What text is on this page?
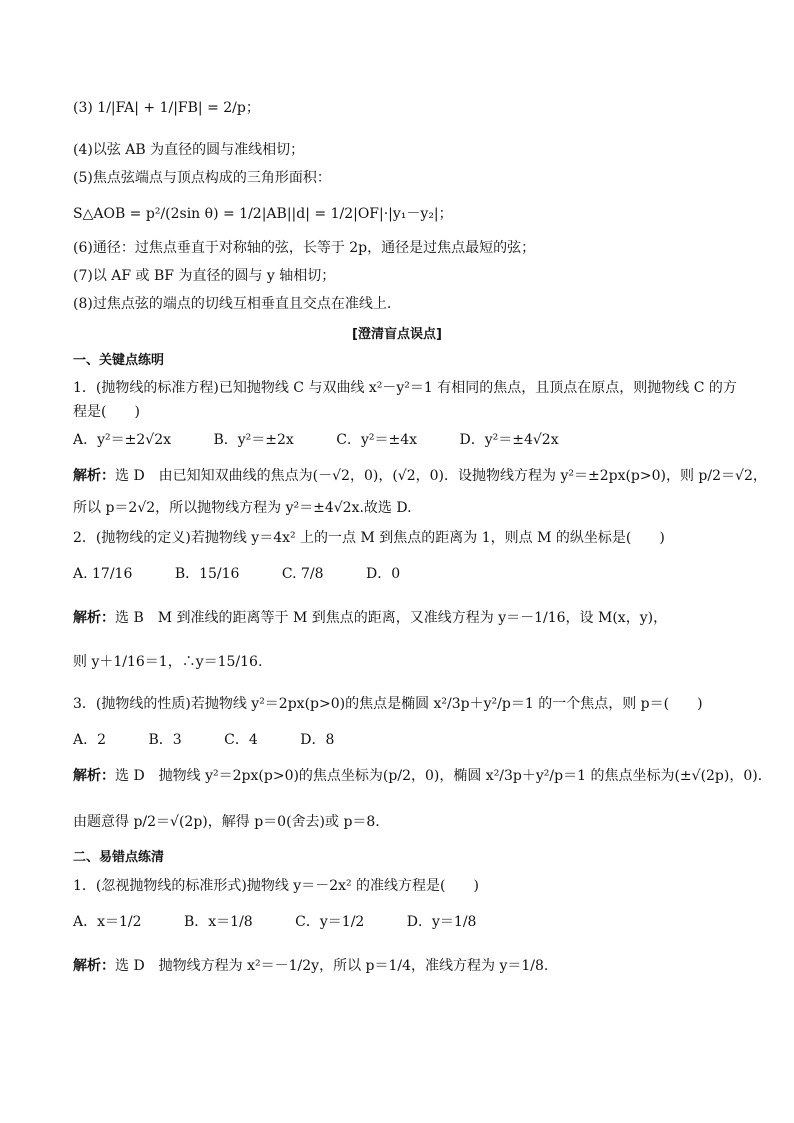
(3) 1/|FA| + 1/|FB| = 2/p；
(4)以弦 AB 为直径的圆与准线相切；
(5)焦点弦端点与顶点构成的三角形面积：
S△AOB = p²/(2sin θ) = 1/2|AB||d| = 1/2|OF|·|y₁－y₂|；
(6)通径：过焦点垂直于对称轴的弦，长等于 2p，通径是过焦点最短的弦；
(7)以 AF 或 BF 为直径的圆与 y 轴相切；
(8)过焦点弦的端点的切线互相垂直且交点在准线上.
[澄清盲点误点]
一、关键点练明
1．(抛物线的标准方程)已知抛物线 C 与双曲线 x²－y²＝1 有相同的焦点，且顶点在原点，则抛物线 C 的方
程是(　　)
A．y²＝±2√2x	B．y²＝±2x	C．y²＝±4x	D．y²＝±4√2x
解析：选 D　由已知知双曲线的焦点为(－√2，0)，(√2，0)．设抛物线方程为 y²＝±2px(p>0)，则 p/2＝√2，
所以 p＝2√2，所以抛物线方程为 y²＝±4√2x.故选 D.
2．(抛物线的定义)若抛物线 y＝4x² 上的一点 M 到焦点的距离为 1，则点 M 的纵坐标是(　　)
A. 17/16	B．15/16	C. 7/8	D．0
解析：选 B　M 到准线的距离等于 M 到焦点的距离，又准线方程为 y＝－1/16，设 M(x，y)，
则 y＋1/16＝1，∴y＝15/16.
3．(抛物线的性质)若抛物线 y²＝2px(p>0)的焦点是椭圆 x²/3p＋y²/p＝1 的一个焦点，则 p＝(　　)
A．2	B．3	C．4	D．8
解析：选 D　抛物线 y²＝2px(p>0)的焦点坐标为(p/2，0)，椭圆 x²/3p＋y²/p＝1 的焦点坐标为(±√(2p)，0)．
由题意得 p/2＝√(2p)，解得 p＝0(舍去)或 p＝8.
二、易错点练清
1．(忽视抛物线的标准形式)抛物线 y＝－2x² 的准线方程是(　　)
A．x＝1/2	B．x＝1/8	C．y＝1/2	D．y＝1/8
解析：选 D　抛物线方程为 x²＝－1/2y，所以 p＝1/4，准线方程为 y＝1/8.
